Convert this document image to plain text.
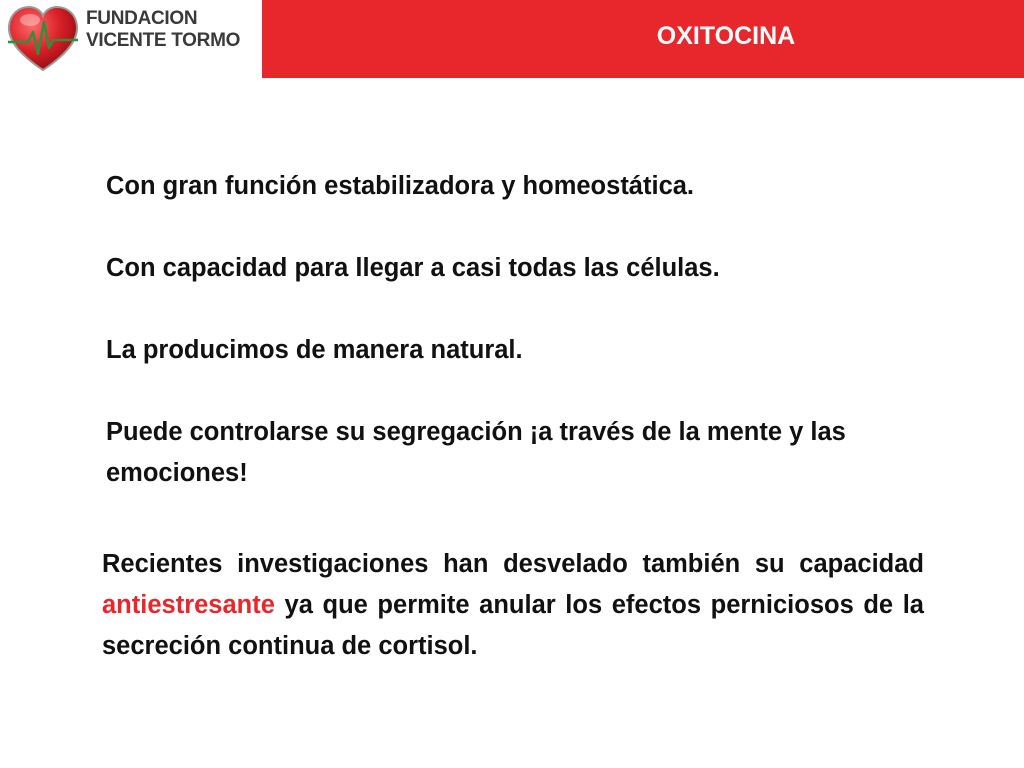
FUNDACION
VICENTE TORMO	OXITOCINA

Con gran función estabilizadora y homeostática.

Con capacidad para llegar a casi todas las células.

La producimos de manera natural.

Puede controlarse su segregación ¡a través de la mente y las emociones!

Recientes investigaciones han desvelado también su capacidad antiestresante ya que permite anular los efectos perniciosos de la secreción continua de cortisol.
